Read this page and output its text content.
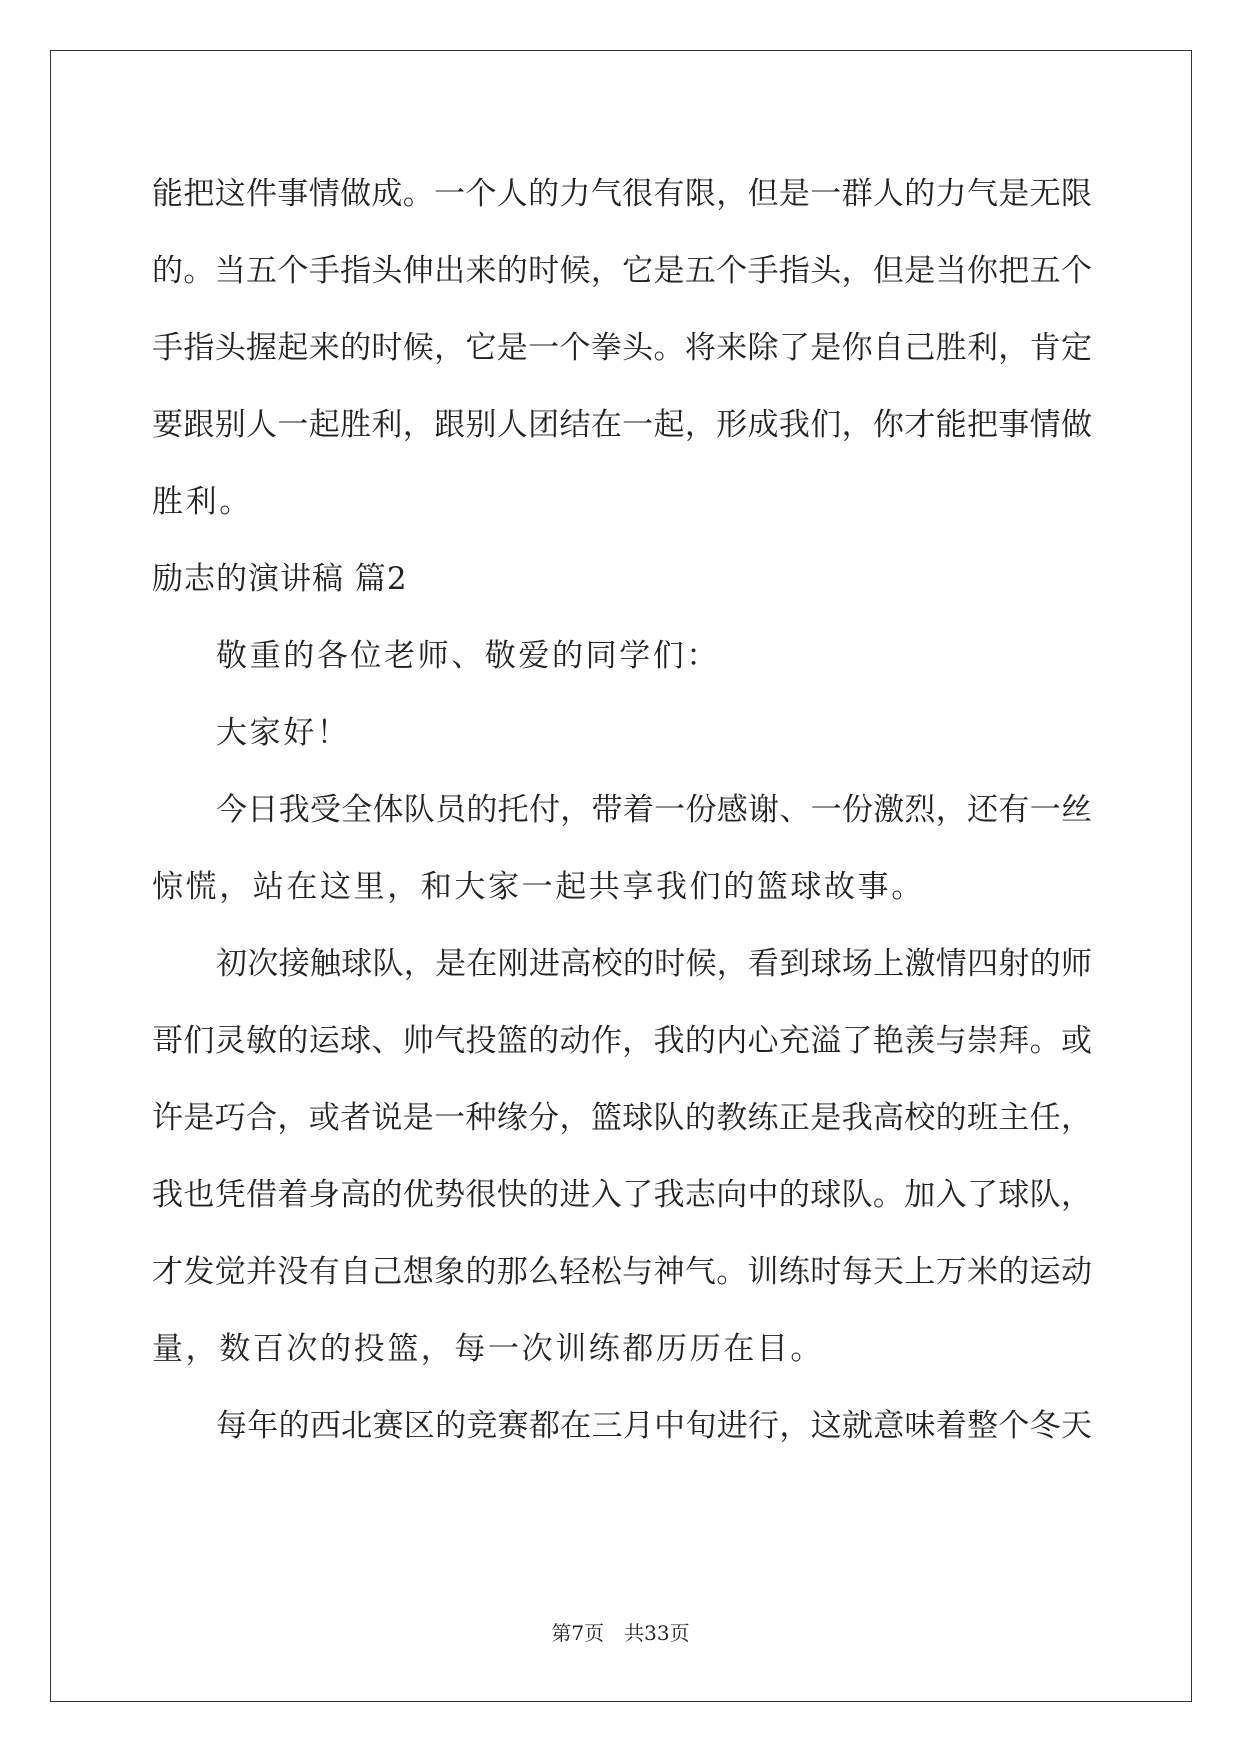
能把这件事情做成。一个人的力气很有限，但是一群人的力气是无限
的。当五个手指头伸出来的时候，它是五个手指头，但是当你把五个
手指头握起来的时候，它是一个拳头。将来除了是你自己胜利，肯定
要跟别人一起胜利，跟别人团结在一起，形成我们，你才能把事情做
胜利。
励志的演讲稿 篇2
敬重的各位老师、敬爱的同学们：
大家好！
今日我受全体队员的托付，带着一份感谢、一份激烈，还有一丝
惊慌，站在这里，和大家一起共享我们的篮球故事。
初次接触球队，是在刚进高校的时候，看到球场上激情四射的师
哥们灵敏的运球、帅气投篮的动作，我的内心充溢了艳羡与崇拜。或
许是巧合，或者说是一种缘分，篮球队的教练正是我高校的班主任，
我也凭借着身高的优势很快的进入了我志向中的球队。加入了球队，
才发觉并没有自己想象的那么轻松与神气。训练时每天上万米的运动
量，数百次的投篮，每一次训练都历历在目。
每年的西北赛区的竞赛都在三月中旬进行，这就意味着整个冬天
第7页　共33页
